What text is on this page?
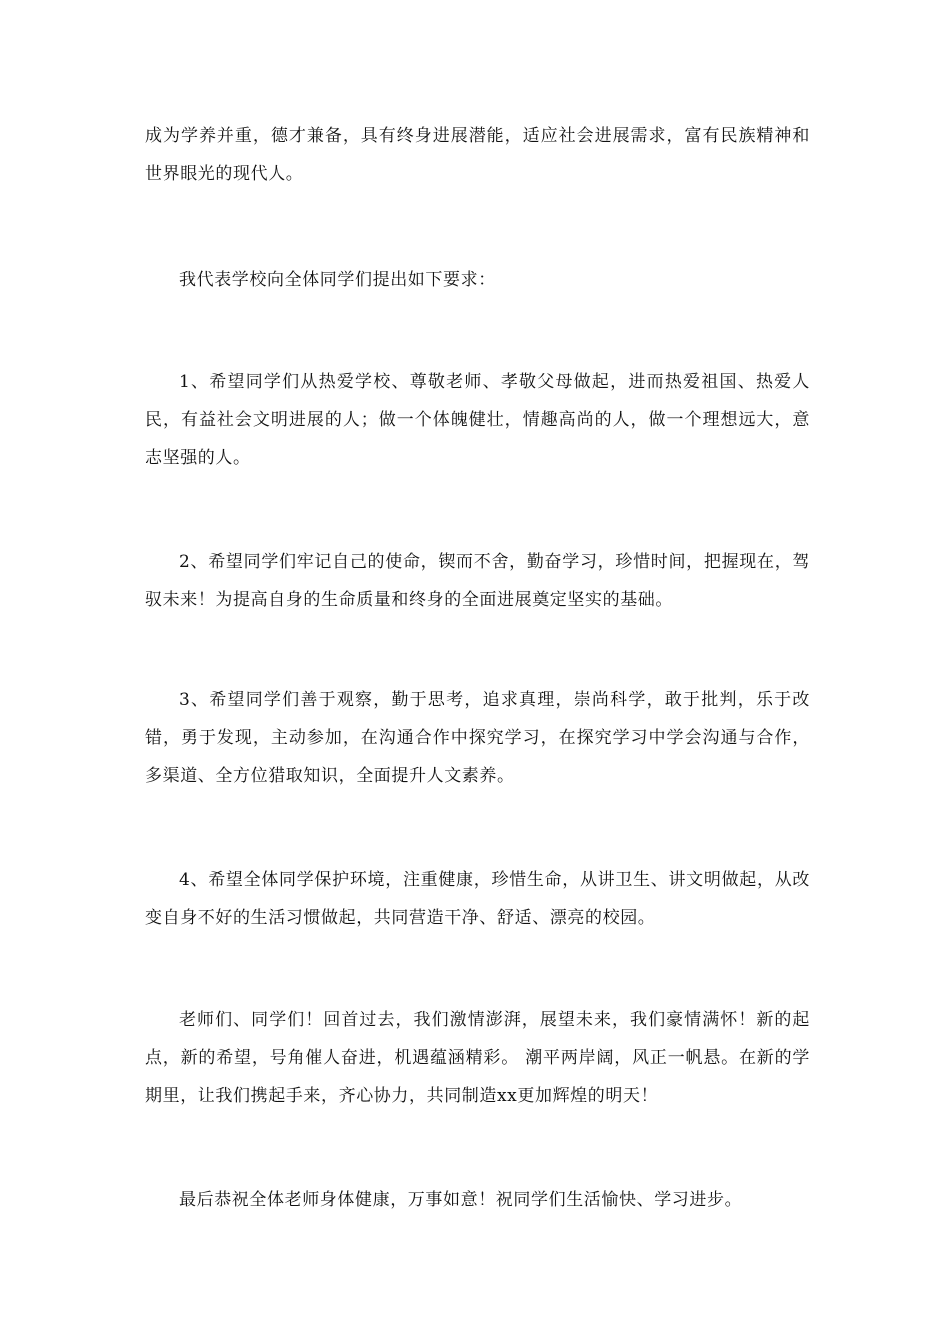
成为学养并重，德才兼备，具有终身进展潜能，适应社会进展需求，富有民族精神和世界眼光的现代人。

我代表学校向全体同学们提出如下要求：

1、希望同学们从热爱学校、尊敬老师、孝敬父母做起，进而热爱祖国、热爱人民，有益社会文明进展的人；做一个体魄健壮，情趣高尚的人，做一个理想远大，意志坚强的人。

2、希望同学们牢记自己的使命，锲而不舍，勤奋学习，珍惜时间，把握现在，驾驭未来！为提高自身的生命质量和终身的全面进展奠定坚实的基础。

3、希望同学们善于观察，勤于思考，追求真理，崇尚科学，敢于批判，乐于改错，勇于发现，主动参加，在沟通合作中探究学习，在探究学习中学会沟通与合作，多渠道、全方位猎取知识，全面提升人文素养。

4、希望全体同学保护环境，注重健康，珍惜生命，从讲卫生、讲文明做起，从改变自身不好的生活习惯做起，共同营造干净、舒适、漂亮的校园。

老师们、同学们！回首过去，我们激情澎湃，展望未来，我们豪情满怀！新的起点，新的希望，号角催人奋进，机遇蕴涵精彩。 潮平两岸阔，风正一帆悬。在新的学期里，让我们携起手来，齐心协力，共同制造xx更加辉煌的明天！

最后恭祝全体老师身体健康，万事如意！祝同学们生活愉快、学习进步。
